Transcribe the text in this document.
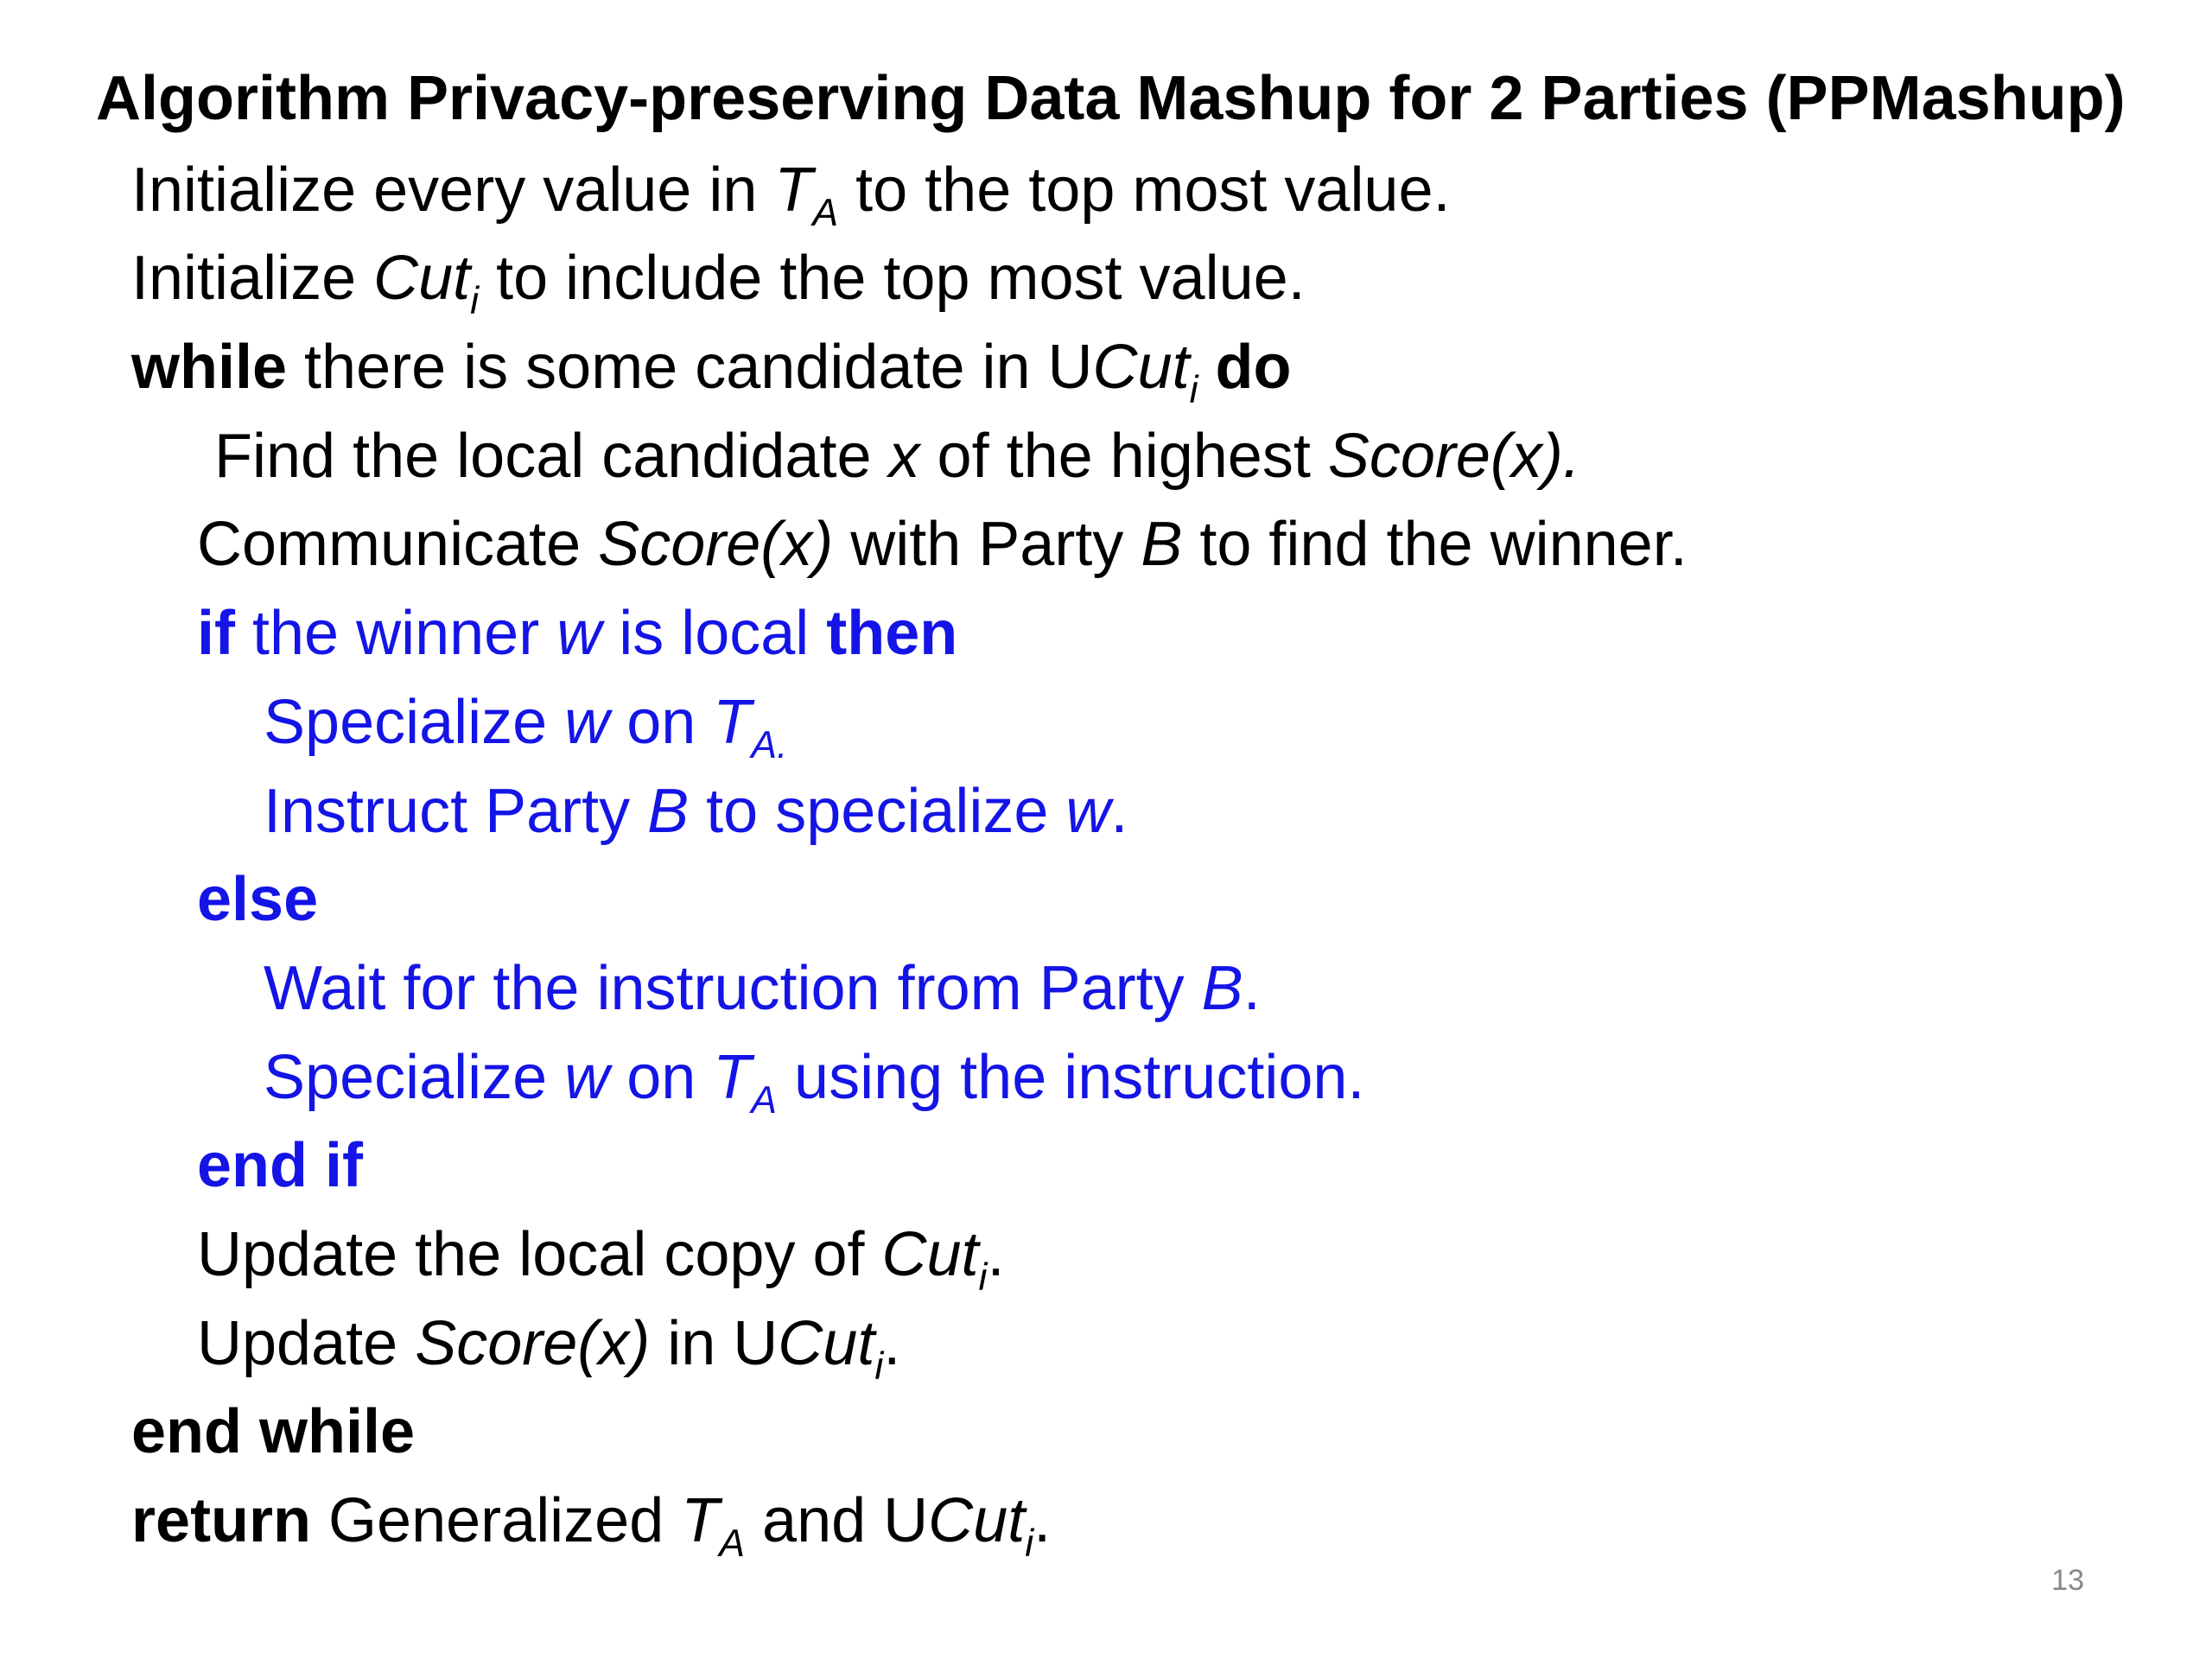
Algorithm Privacy-preserving Data Mashup for 2 Parties (PPMashup)
Initialize every value in $T_A$ to the top most value.
Initialize Cut$_i$ to include the top most value.
while there is some candidate in UCut$_i$ do
Find the local candidate x of the highest Score(x).
Communicate Score(x) with Party B to find the winner.
if the winner w is local then
Specialize w on $T_{A.}$
Instruct Party B to specialize w.
else
Wait for the instruction from Party B.
Specialize w on $T_A$ using the instruction.
end if
Update the local copy of Cut$_i$.
Update Score(x) in UCut$_i$.
end while
return Generalized $T_A$ and UCut$_i$.
13
